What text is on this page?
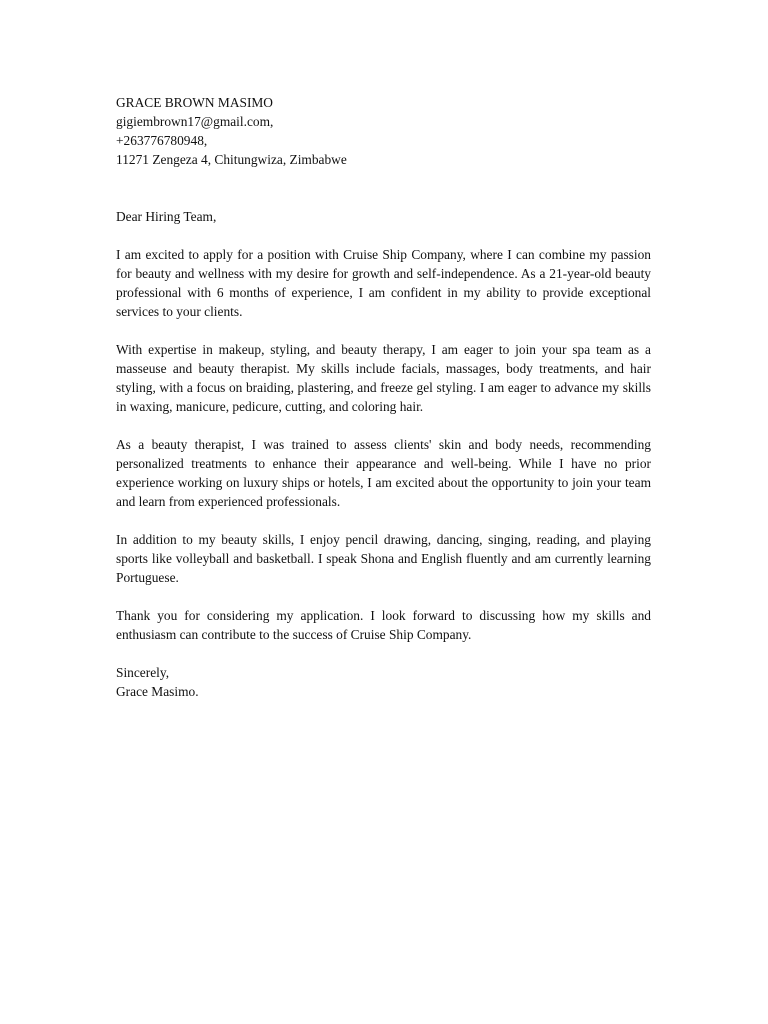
GRACE BROWN MASIMO
gigiembrown17@gmail.com,
+263776780948,
11271 Zengeza 4, Chitungwiza, Zimbabwe

Dear Hiring Team,

I am excited to apply for a position with Cruise Ship Company, where I can combine my passion for beauty and wellness with my desire for growth and self-independence. As a 21-year-old beauty professional with 6 months of experience, I am confident in my ability to provide exceptional services to your clients.

With expertise in makeup, styling, and beauty therapy, I am eager to join your spa team as a masseuse and beauty therapist. My skills include facials, massages, body treatments, and hair styling, with a focus on braiding, plastering, and freeze gel styling. I am eager to advance my skills in waxing, manicure, pedicure, cutting, and coloring hair.

As a beauty therapist, I was trained to assess clients' skin and body needs, recommending personalized treatments to enhance their appearance and well-being. While I have no prior experience working on luxury ships or hotels, I am excited about the opportunity to join your team and learn from experienced professionals.

In addition to my beauty skills, I enjoy pencil drawing, dancing, singing, reading, and playing sports like volleyball and basketball. I speak Shona and English fluently and am currently learning Portuguese.

Thank you for considering my application. I look forward to discussing how my skills and enthusiasm can contribute to the success of Cruise Ship Company.

Sincerely,
Grace Masimo.
